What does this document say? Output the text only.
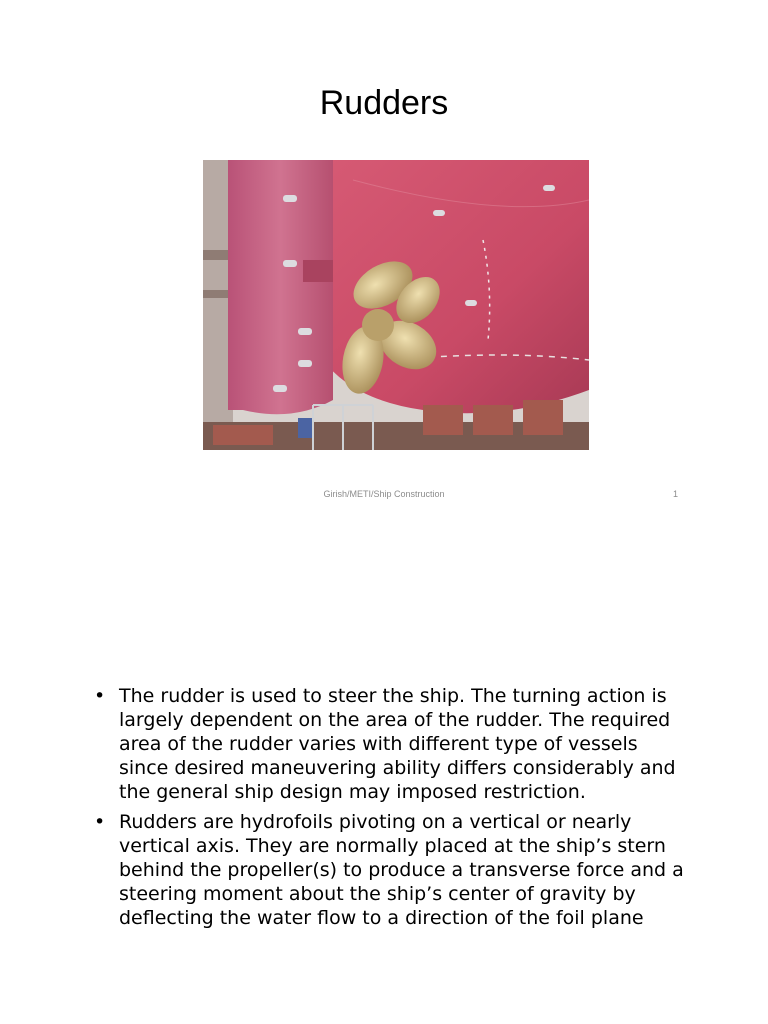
Rudders
Girish/METI/Ship Construction	1
• The rudder is used to steer the ship. The turning action is largely dependent on the area of the rudder. The required area of the rudder varies with different type of vessels since desired maneuvering ability differs considerably and the general ship design may imposed restriction.
• Rudders are hydrofoils pivoting on a vertical or nearly vertical axis. They are normally placed at the ship’s stern behind the propeller(s) to produce a transverse force and a steering moment about the ship’s center of gravity by deflecting the water flow to a direction of the foil plane
